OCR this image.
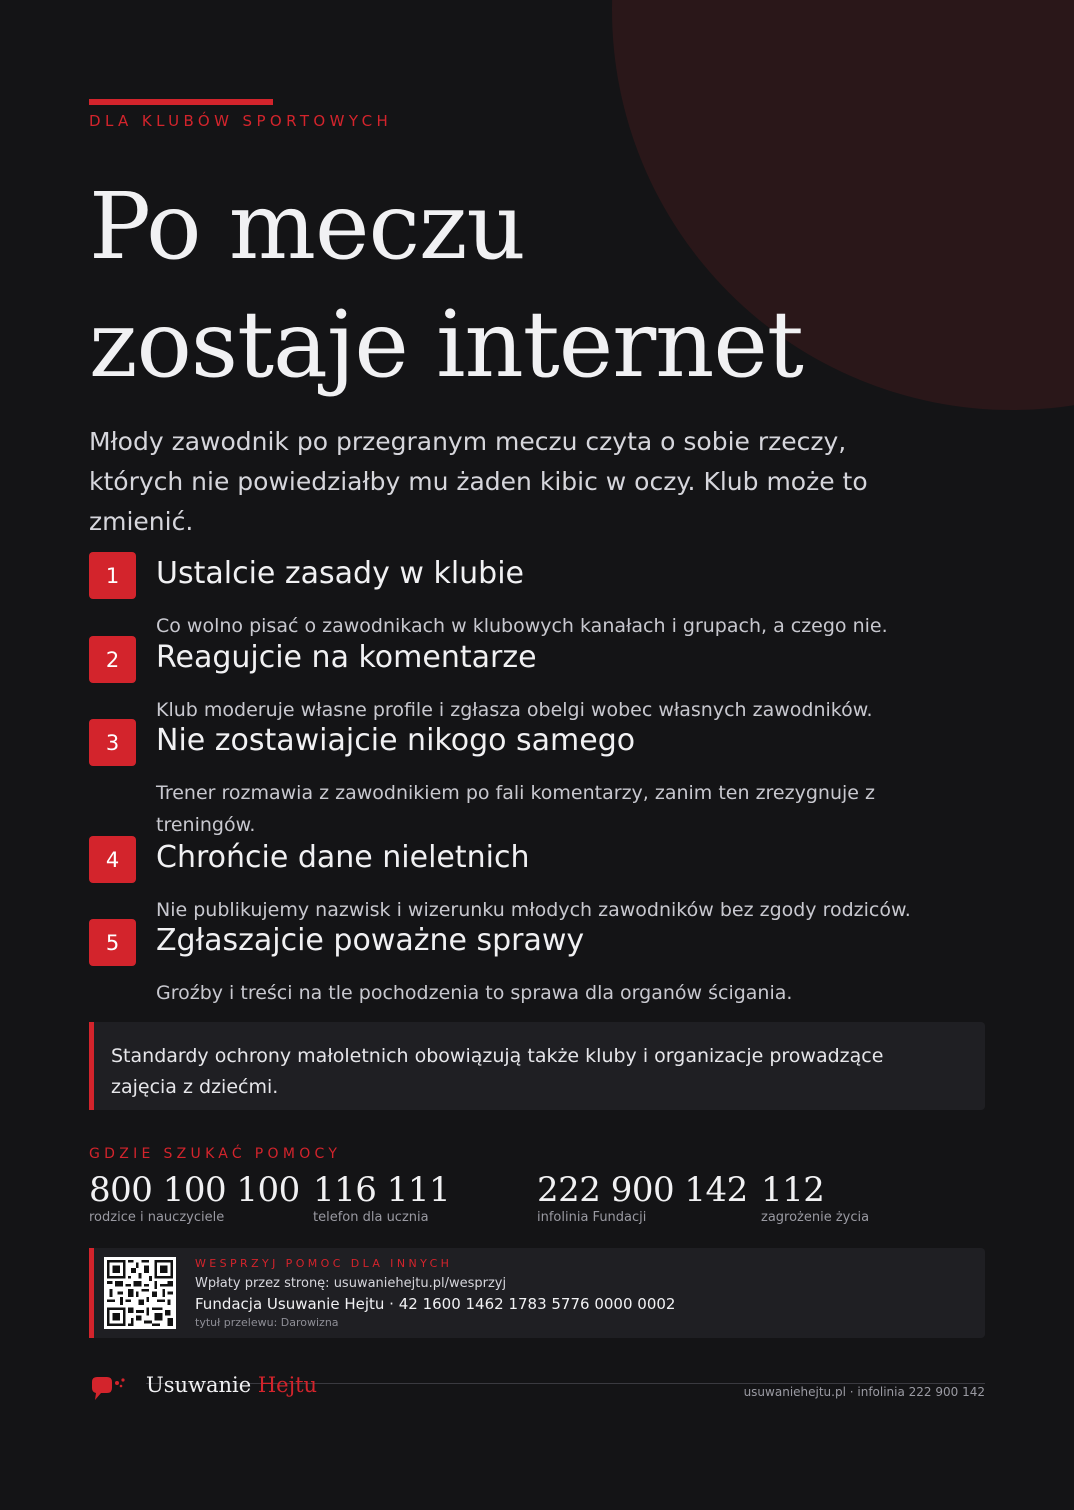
DLA KLUBÓW SPORTOWYCH
Po meczu
zostaje internet

Młody zawodnik po przegranym meczu czyta o sobie rzeczy, których nie powiedziałby mu żaden kibic w oczy. Klub może to zmienić.

1	Ustalcie zasady w klubie

Co wolno pisać o zawodnikach w klubowych kanałach i grupach, a czego nie.

2	Reagujcie na komentarze

Klub moderuje własne profile i zgłasza obelgi wobec własnych zawodników.

3	Nie zostawiajcie nikogo samego

Trener rozmawia z zawodnikiem po fali komentarzy, zanim ten zrezygnuje z treningów.

4	Chrońcie dane nieletnich

Nie publikujemy nazwisk i wizerunku młodych zawodników bez zgody rodziców.

5	Zgłaszajcie poważne sprawy

Groźby i treści na tle pochodzenia to sprawa dla organów ścigania.

Standardy ochrony małoletnich obowiązują także kluby i organizacje prowadzące zajęcia z dziećmi.

GDZIE SZUKAĆ POMOCY
800 100 100
rodzice i nauczyciele
116 111
telefon dla ucznia
222 900 142
infolinia Fundacji
112
zagrożenie życia
WESPRZYJ POMOC DLA INNYCH
Wpłaty przez stronę: usuwaniehejtu.pl/wesprzyj
Fundacja Usuwanie Hejtu · 42 1600 1462 1783 5776 0000 0002
tytuł przelewu: Darowizna
Usuwanie Hejtu	usuwaniehejtu.pl · infolinia 222 900 142
